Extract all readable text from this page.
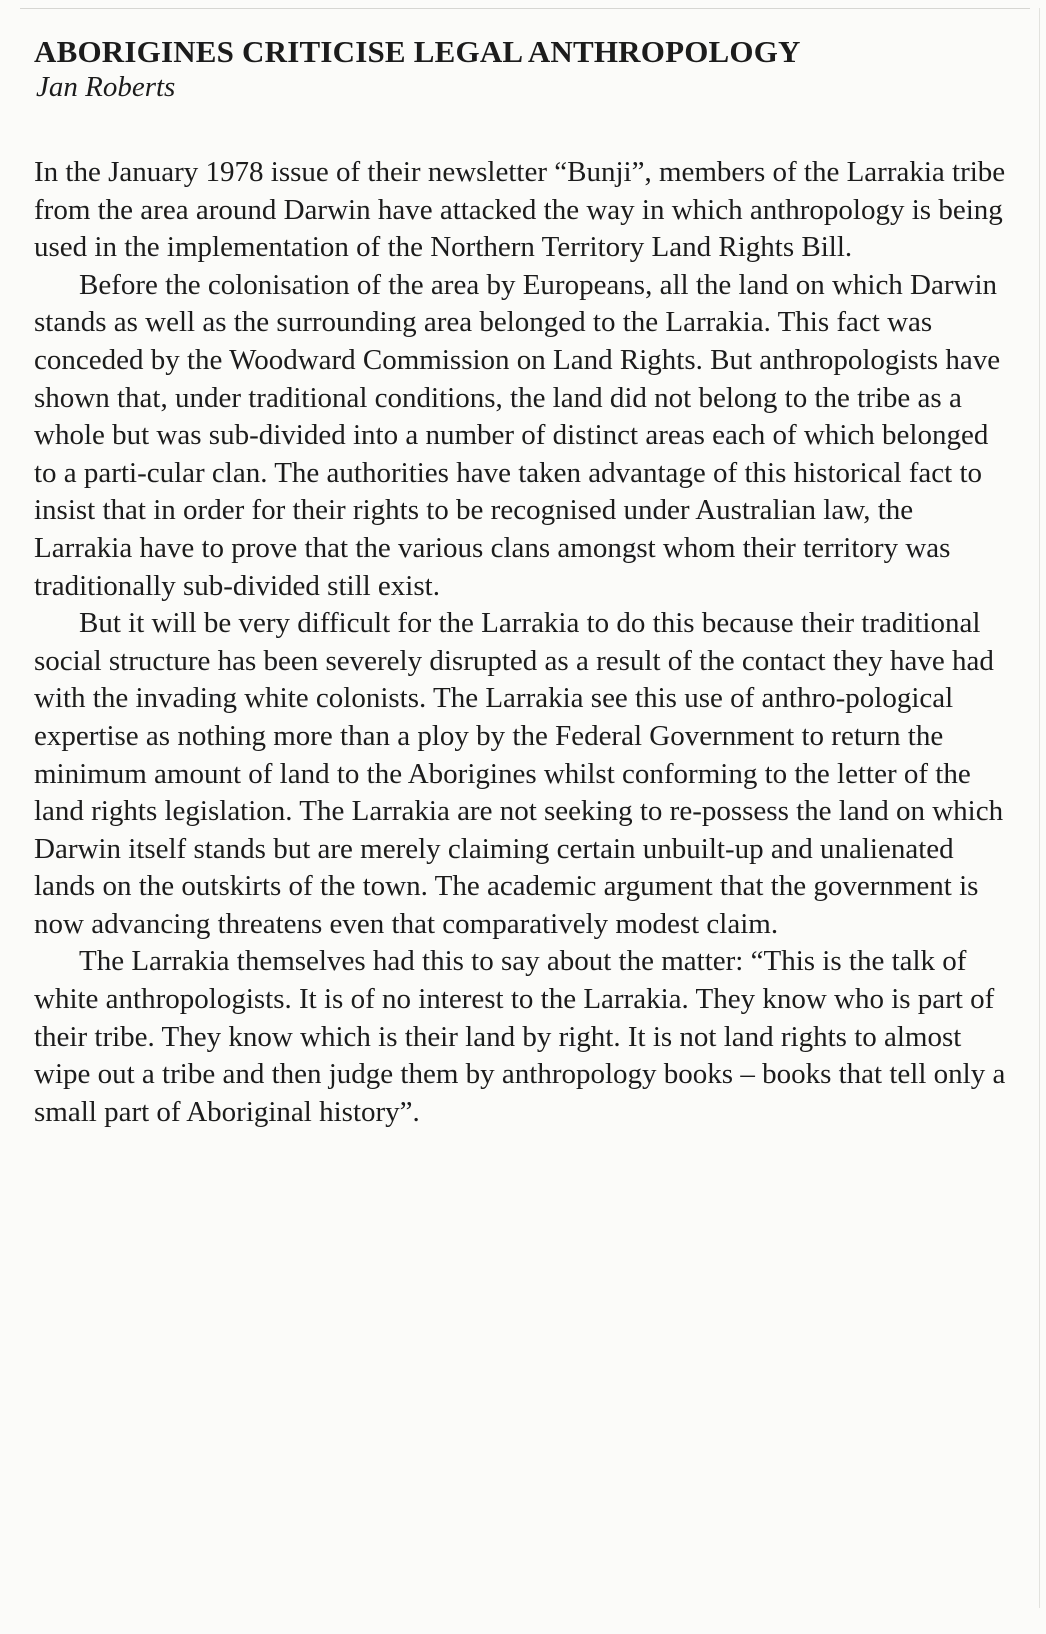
ABORIGINES CRITICISE LEGAL ANTHROPOLOGY
Jan Roberts

In the January 1978 issue of their newsletter “Bunji”, members of the Larrakia tribe from the area around Darwin have attacked the way in which anthropology is being used in the implementation of the Northern Territory Land Rights Bill.

Before the colonisation of the area by Europeans, all the land on which Darwin stands as well as the surrounding area belonged to the Larrakia. This fact was conceded by the Woodward Commission on Land Rights. But anthropologists have shown that, under traditional conditions, the land did not belong to the tribe as a whole but was sub-divided into a number of distinct areas each of which belonged to a parti-cular clan. The authorities have taken advantage of this historical fact to insist that in order for their rights to be recognised under Australian law, the Larrakia have to prove that the various clans amongst whom their territory was traditionally sub-divided still exist.

But it will be very difficult for the Larrakia to do this because their traditional social structure has been severely disrupted as a result of the contact they have had with the invading white colonists. The Larrakia see this use of anthro-pological expertise as nothing more than a ploy by the Federal Government to return the minimum amount of land to the Aborigines whilst conforming to the letter of the land rights legislation. The Larrakia are not seeking to re-possess the land on which Darwin itself stands but are merely claiming certain unbuilt-up and unalienated lands on the outskirts of the town. The academic argument that the government is now advancing threatens even that comparatively modest claim.

The Larrakia themselves had this to say about the matter: “This is the talk of white anthropologists. It is of no interest to the Larrakia. They know who is part of their tribe. They know which is their land by right. It is not land rights to almost wipe out a tribe and then judge them by anthropology books – books that tell only a small part of Aboriginal history”.
